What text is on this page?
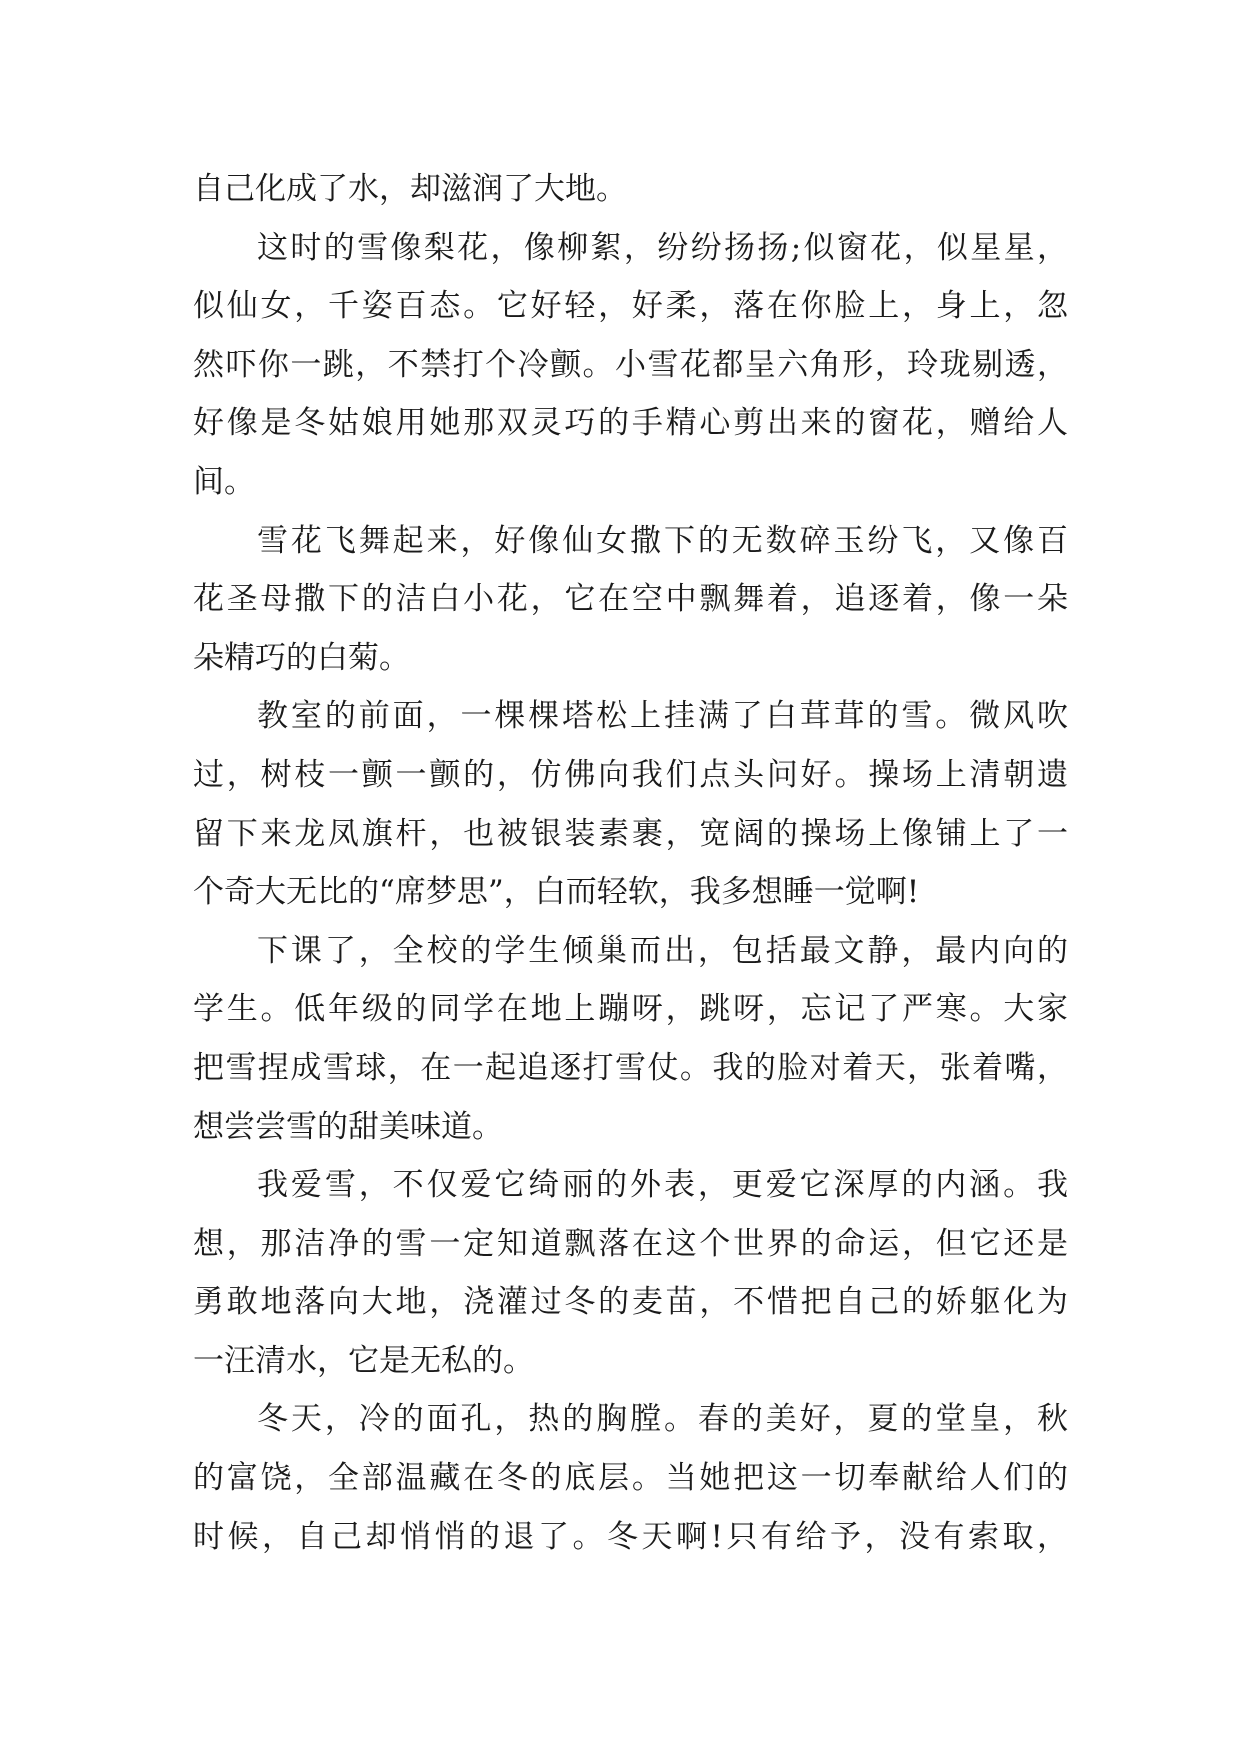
自己化成了水，却滋润了大地。
这时的雪像梨花，像柳絮，纷纷扬扬;似窗花，似星星，
似仙女，千姿百态。它好轻，好柔，落在你脸上，身上，忽
然吓你一跳，不禁打个冷颤。小雪花都呈六角形，玲珑剔透，
好像是冬姑娘用她那双灵巧的手精心剪出来的窗花，赠给人
间。
雪花飞舞起来，好像仙女撒下的无数碎玉纷飞，又像百
花圣母撒下的洁白小花，它在空中飘舞着，追逐着，像一朵
朵精巧的白菊。
教室的前面，一棵棵塔松上挂满了白茸茸的雪。微风吹
过，树枝一颤一颤的，仿佛向我们点头问好。操场上清朝遗
留下来龙凤旗杆，也被银装素裹，宽阔的操场上像铺上了一
个奇大无比的“席梦思”，白而轻软，我多想睡一觉啊!
下课了，全校的学生倾巢而出，包括最文静，最内向的
学生。低年级的同学在地上蹦呀，跳呀，忘记了严寒。大家
把雪捏成雪球，在一起追逐打雪仗。我的脸对着天，张着嘴，
想尝尝雪的甜美味道。
我爱雪，不仅爱它绮丽的外表，更爱它深厚的内涵。我
想，那洁净的雪一定知道飘落在这个世界的命运，但它还是
勇敢地落向大地，浇灌过冬的麦苗，不惜把自己的娇躯化为
一汪清水，它是无私的。
冬天，冷的面孔，热的胸膛。春的美好，夏的堂皇，秋
的富饶，全部温藏在冬的底层。当她把这一切奉献给人们的
时候，自己却悄悄的退了。冬天啊!只有给予，没有索取，
